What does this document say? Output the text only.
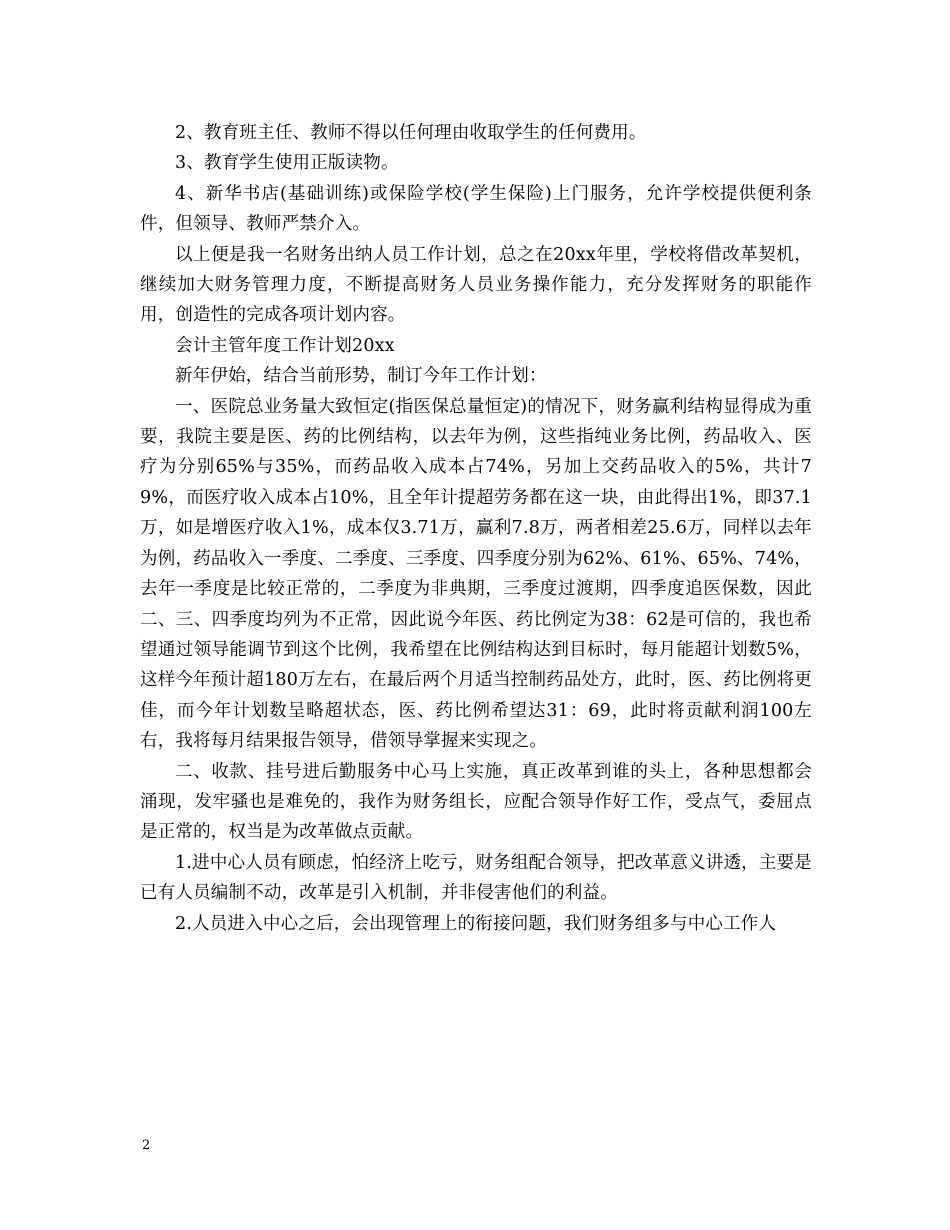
2、教育班主任、教师不得以任何理由收取学生的任何费用。

3、教育学生使用正版读物。

4、新华书店(基础训练)或保险学校(学生保险)上门服务，允许学校提供便利条件，但领导、教师严禁介入。

以上便是我一名财务出纳人员工作计划，总之在20xx年里，学校将借改革契机，继续加大财务管理力度，不断提高财务人员业务操作能力，充分发挥财务的职能作用，创造性的完成各项计划内容。

会计主管年度工作计划20xx

新年伊始，结合当前形势，制订今年工作计划：

一、医院总业务量大致恒定(指医保总量恒定)的情况下，财务赢利结构显得成为重要，我院主要是医、药的比例结构，以去年为例，这些指纯业务比例，药品收入、医疗为分别65%与35%，而药品收入成本占74%，另加上交药品收入的5%，共计79%，而医疗收入成本占10%，且全年计提超劳务都在这一块，由此得出1%，即37.1万，如是增医疗收入1%，成本仅3.71万，赢利7.8万，两者相差25.6万，同样以去年为例，药品收入一季度、二季度、三季度、四季度分别为62%、61%、65%、74%，去年一季度是比较正常的，二季度为非典期，三季度过渡期，四季度追医保数，因此二、三、四季度均列为不正常，因此说今年医、药比例定为38：62是可信的，我也希望通过领导能调节到这个比例，我希望在比例结构达到目标时，每月能超计划数5%，这样今年预计超180万左右，在最后两个月适当控制药品处方，此时，医、药比例将更佳，而今年计划数呈略超状态，医、药比例希望达31：69，此时将贡献利润100左右，我将每月结果报告领导，借领导掌握来实现之。

二、收款、挂号进后勤服务中心马上实施，真正改革到谁的头上，各种思想都会涌现，发牢骚也是难免的，我作为财务组长，应配合领导作好工作，受点气，委屈点是正常的，权当是为改革做点贡献。

1.进中心人员有顾虑，怕经济上吃亏，财务组配合领导，把改革意义讲透，主要是已有人员编制不动，改革是引入机制，并非侵害他们的利益。

2.人员进入中心之后，会出现管理上的衔接问题，我们财务组多与中心工作人

2
